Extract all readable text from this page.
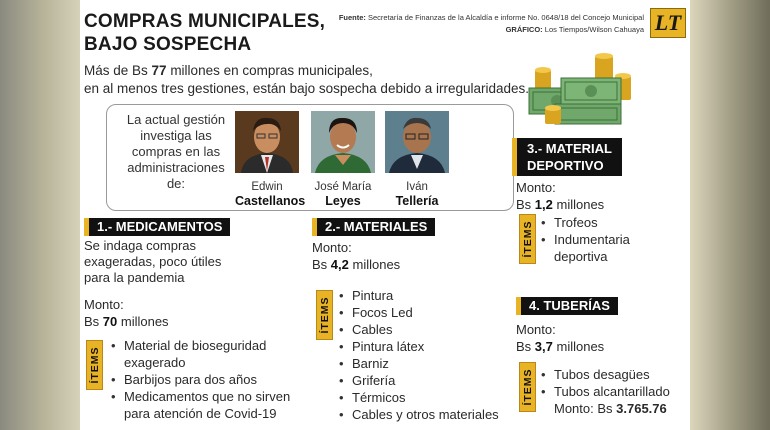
COMPRAS MUNICIPALES,
BAJO SOSPECHA
Fuente: Secretaría de Finanzas de la Alcaldía e informe No. 0648/18 del Concejo Municipal
GRÁFICO: Los Tiempos/Wilson Cahuaya LT
Más de Bs 77 millones en compras municipales,
en al menos tres gestiones, están bajo sospecha debido a irregularidades.
La actual gestión investiga las compras en las administraciones de:	Edwin
Castellanos
José María
Leyes
Iván
Tellería
3.- MATERIAL
DEPORTIVO
Monto:
Bs 1,2 millones
ÍTEMS	• Trofeos
• Indumentaria
deportiva
1.- MEDICAMENTOS
Se indaga compras
exageradas, poco útiles
para la pandemia
Monto:
Bs 70 millones
ÍTEMS
• Material de bioseguridad
exagerado
• Barbijos para dos años
• Medicamentos que no sirven
para atención de Covid-19
2.- MATERIALES
Monto:
Bs 4,2 millones
ÍTEMS
• Pintura
• Focos Led
• Cables
• Pintura látex
• Barniz
• Grifería
• Térmicos
• Cables y otros materiales
4. TUBERÍAS
Monto:
Bs 3,7 millones
ÍTEMS	• Tubos desagües
• Tubos alcantarillado
Monto: Bs 3.765.76
